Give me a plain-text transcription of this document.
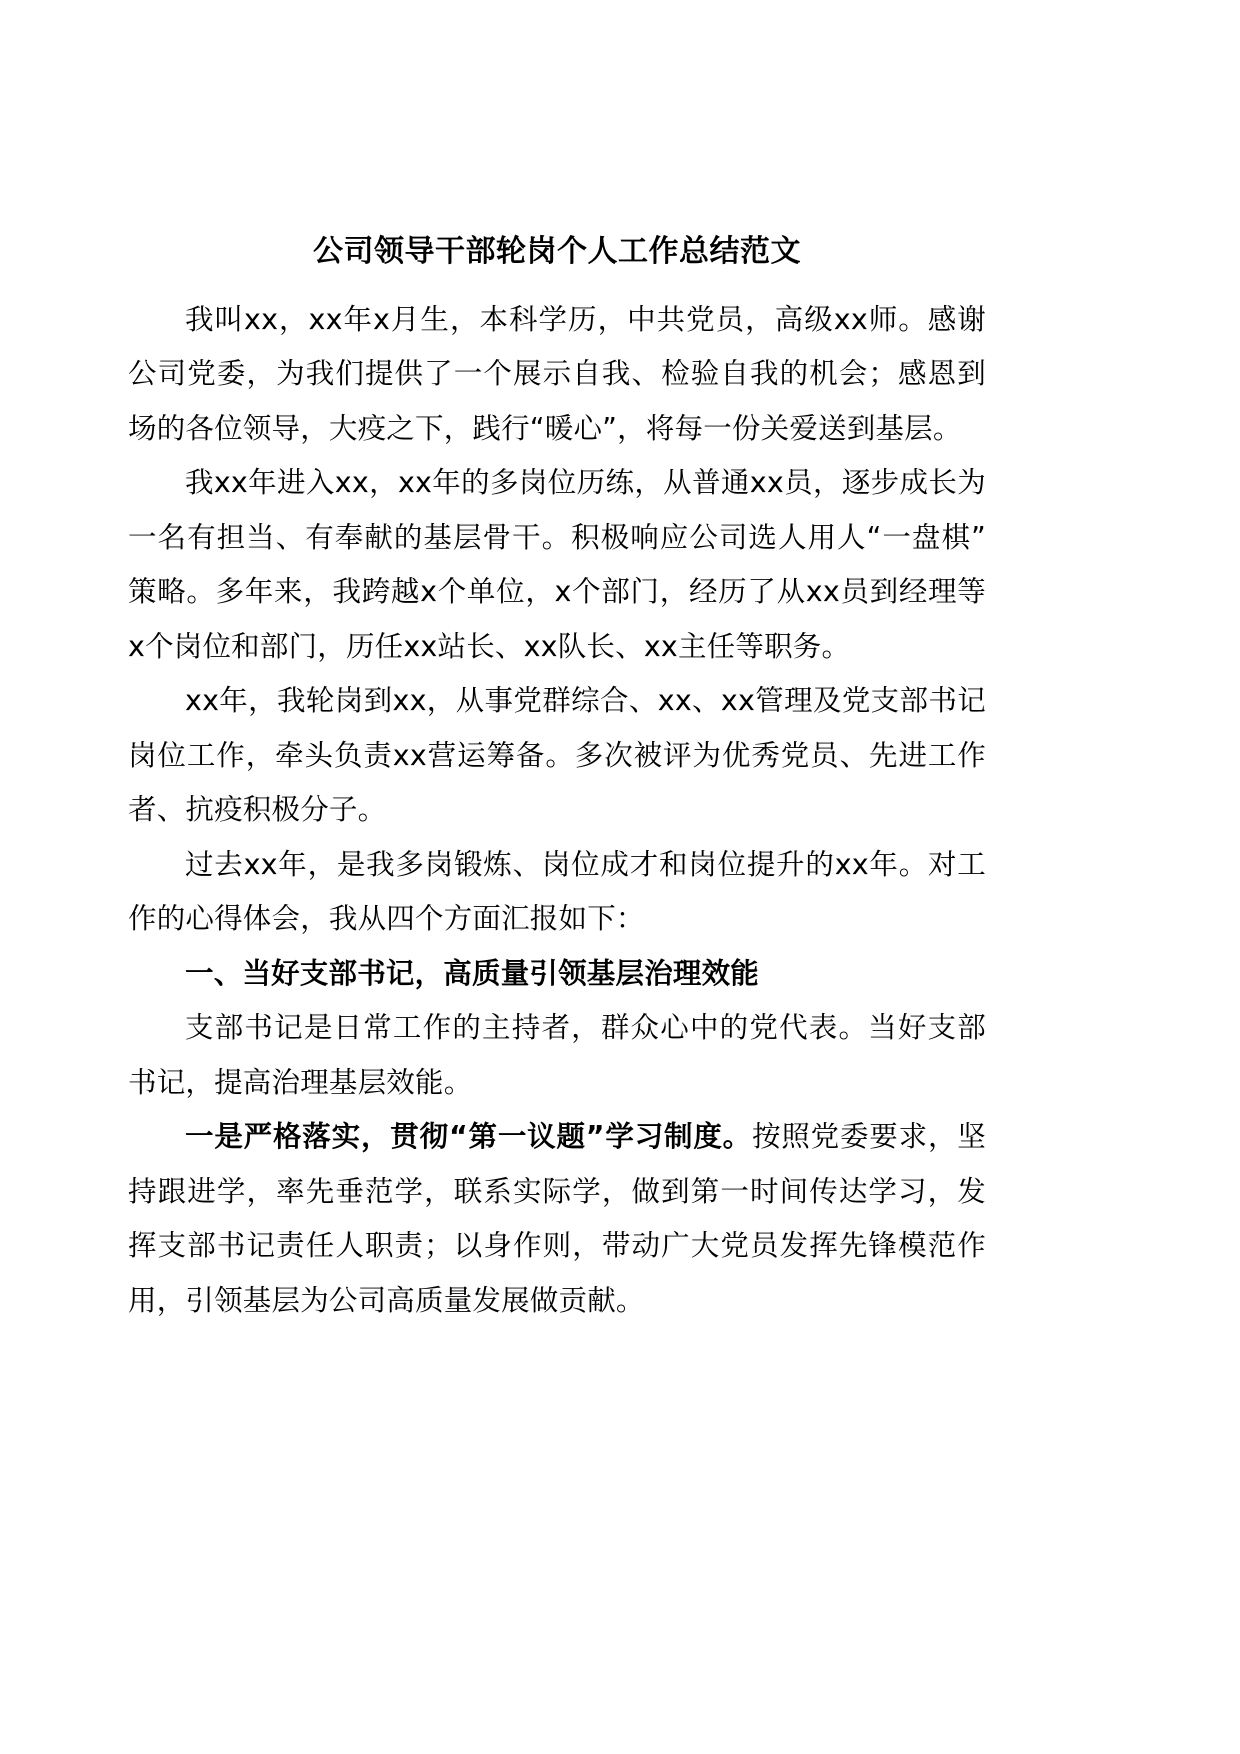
公司领导干部轮岗个人工作总结范文

我叫xx，xx年x月生，本科学历，中共党员，高级xx师。感谢公司党委，为我们提供了一个展示自我、检验自我的机会；感恩到场的各位领导，大疫之下，践行“暖心”，将每一份关爱送到基层。

我xx年进入xx，xx年的多岗位历练，从普通xx员，逐步成长为一名有担当、有奉献的基层骨干。积极响应公司选人用人“一盘棋”策略。多年来，我跨越x个单位，x个部门，经历了从xx员到经理等x个岗位和部门，历任xx站长、xx队长、xx主任等职务。

xx年，我轮岗到xx，从事党群综合、xx、xx管理及党支部书记岗位工作，牵头负责xx营运筹备。多次被评为优秀党员、先进工作者、抗疫积极分子。

过去xx年，是我多岗锻炼、岗位成才和岗位提升的xx年。对工作的心得体会，我从四个方面汇报如下：

一、当好支部书记，高质量引领基层治理效能

支部书记是日常工作的主持者，群众心中的党代表。当好支部书记，提高治理基层效能。

一是严格落实，贯彻“第一议题”学习制度。按照党委要求，坚持跟进学，率先垂范学，联系实际学，做到第一时间传达学习，发挥支部书记责任人职责；以身作则，带动广大党员发挥先锋模范作用，引领基层为公司高质量发展做贡献。
